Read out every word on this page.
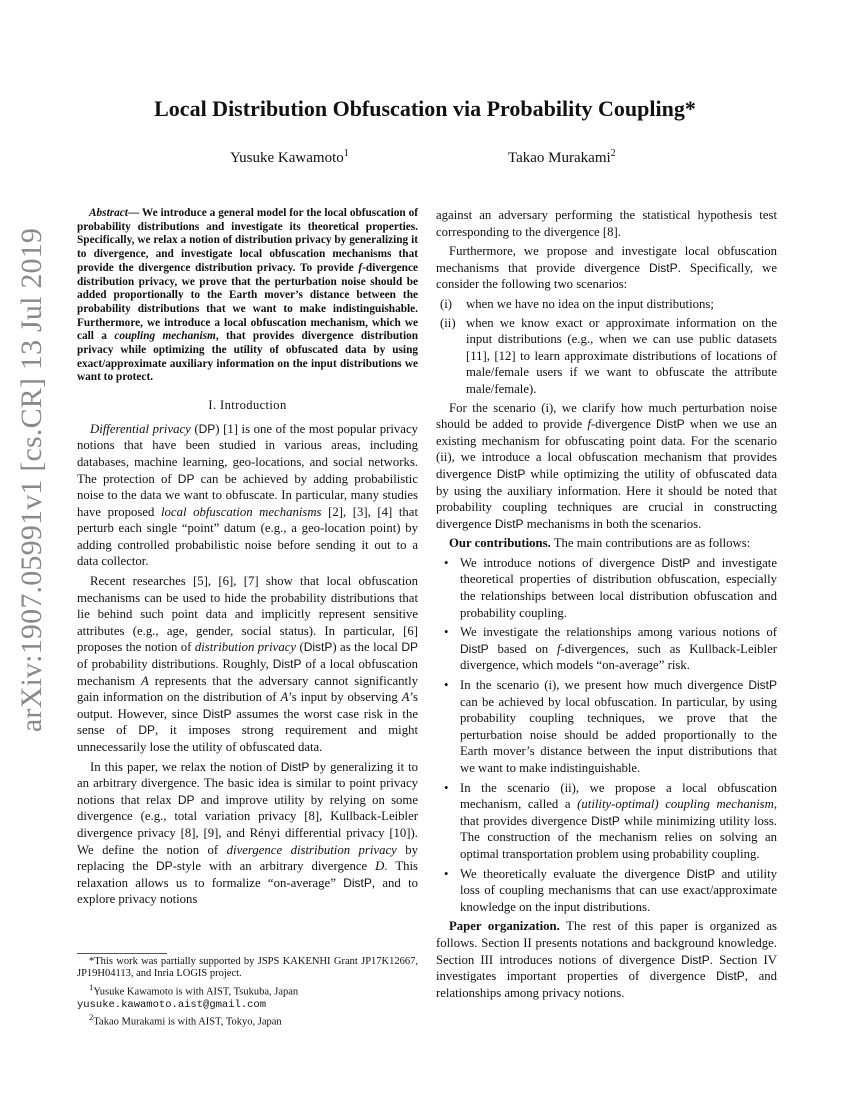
arXiv:1907.05991v1 [cs.CR] 13 Jul 2019
Local Distribution Obfuscation via Probability Coupling*
Yusuke Kawamoto$^1$	Takao Murakami$^2$

Abstract— We introduce a general model for the local obfuscation of probability distributions and investigate its theoretical properties. Specifically, we relax a notion of distribution privacy by generalizing it to divergence, and investigate local obfuscation mechanisms that provide the divergence distribution privacy. To provide f-divergence distribution privacy, we prove that the perturbation noise should be added proportionally to the Earth mover’s distance between the probability distributions that we want to make indistinguishable. Furthermore, we introduce a local obfuscation mechanism, which we call a coupling mechanism, that provides divergence distribution privacy while optimizing the utility of obfuscated data by using exact/approximate auxiliary information on the input distributions we want to protect.

I. Introduction

Differential privacy (DP) [1] is one of the most popular privacy notions that have been studied in various areas, including databases, machine learning, geo-locations, and social networks. The protection of DP can be achieved by adding probabilistic noise to the data we want to obfuscate. In particular, many studies have proposed local obfuscation mechanisms [2], [3], [4] that perturb each single “point” datum (e.g., a geo-location point) by adding controlled probabilistic noise before sending it out to a data collector.

Recent researches [5], [6], [7] show that local obfuscation mechanisms can be used to hide the probability distributions that lie behind such point data and implicitly represent sensitive attributes (e.g., age, gender, social status). In particular, [6] proposes the notion of distribution privacy (DistP) as the local DP of probability distributions. Roughly, DistP of a local obfuscation mechanism A represents that the adversary cannot significantly gain information on the distribution of A’s input by observing A’s output. However, since DistP assumes the worst case risk in the sense of DP, it imposes strong requirement and might unnecessarily lose the utility of obfuscated data.

In this paper, we relax the notion of DistP by generalizing it to an arbitrary divergence. The basic idea is similar to point privacy notions that relax DP and improve utility by relying on some divergence (e.g., total variation privacy [8], Kullback-Leibler divergence privacy [8], [9], and Rényi differential privacy [10]). We define the notion of divergence distribution privacy by replacing the DP-style with an arbitrary divergence D. This relaxation allows us to formalize “on-average” DistP, and to explore privacy notions

*This work was partially supported by JSPS KAKENHI Grant JP17K12667, JP19H04113, and Inria LOGIS project.

$^1$Yusuke Kawamoto is with AIST, Tsukuba, Japan
yusuke.kawamoto.aist@gmail.com

$^2$Takao Murakami is with AIST, Tokyo, Japan

against an adversary performing the statistical hypothesis test corresponding to the divergence [8].

Furthermore, we propose and investigate local obfuscation mechanisms that provide divergence DistP. Specifically, we consider the following two scenarios:

(i)	when we have no idea on the input distributions;
(ii) when we know exact or approximate information on the input distributions (e.g., when we can use public datasets [11], [12] to learn approximate distributions of locations of male/female users if we want to obfuscate the attribute male/female).

For the scenario (i), we clarify how much perturbation noise should be added to provide f-divergence DistP when we use an existing mechanism for obfuscating point data. For the scenario (ii), we introduce a local obfuscation mechanism that provides divergence DistP while optimizing the utility of obfuscated data by using the auxiliary information. Here it should be noted that probability coupling techniques are crucial in constructing divergence DistP mechanisms in both the scenarios.

Our contributions. The main contributions are as follows:

• We introduce notions of divergence DistP and investigate theoretical properties of distribution obfuscation, especially the relationships between local distribution obfuscation and probability coupling.
• We investigate the relationships among various notions of DistP based on f-divergences, such as Kullback-Leibler divergence, which models “on-average” risk.
• In the scenario (i), we present how much divergence DistP can be achieved by local obfuscation. In particular, by using probability coupling techniques, we prove that the perturbation noise should be added proportionally to the Earth mover’s distance between the input distributions that we want to make indistinguishable.
• In the scenario (ii), we propose a local obfuscation mechanism, called a (utility-optimal) coupling mechanism, that provides divergence DistP while minimizing utility loss. The construction of the mechanism relies on solving an optimal transportation problem using probability coupling.
• We theoretically evaluate the divergence DistP and utility loss of coupling mechanisms that can use exact/approximate knowledge on the input distributions.

Paper organization. The rest of this paper is organized as follows. Section II presents notations and background knowledge. Section III introduces notions of divergence DistP. Section IV investigates important properties of divergence DistP, and relationships among privacy notions.
